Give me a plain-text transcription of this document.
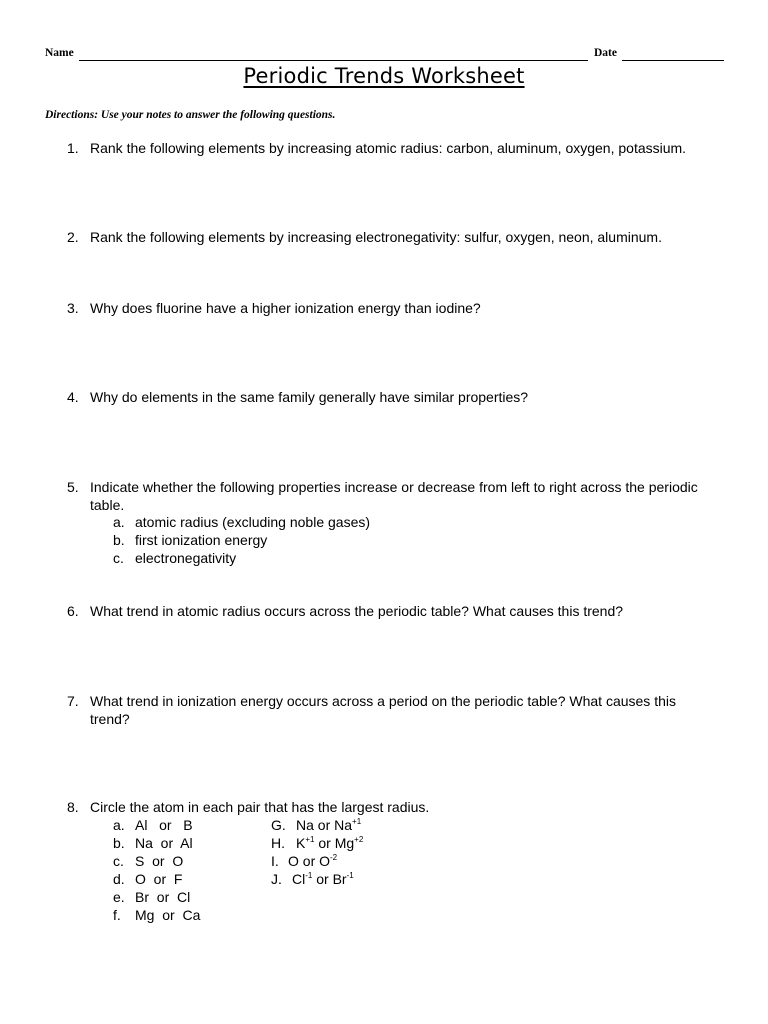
Name	Date
Periodic Trends Worksheet
Directions: Use your notes to answer the following questions.
1. Rank the following elements by increasing atomic radius: carbon, aluminum, oxygen, potassium.
2. Rank the following elements by increasing electronegativity: sulfur, oxygen, neon, aluminum.
3. Why does fluorine have a higher ionization energy than iodine?
4. Why do elements in the same family generally have similar properties?
5. Indicate whether the following properties increase or decrease from left to right across the periodic table.
a. atomic radius (excluding noble gases)
b. first ionization energy
c. electronegativity
6. What trend in atomic radius occurs across the periodic table? What causes this trend?
7. What trend in ionization energy occurs across a period on the periodic table? What causes this trend?
8. Circle the atom in each pair that has the largest radius.
a. Al   or   B
b. Na  or  Al
c. S  or  O
d. O  or  F
e. Br  or  Cl
f. Mg  or  Ca
G. Na or $Na^{+1}$
H. $K^{+1}$ or $Mg^{+2}$
I. O or $O^{-2}$
J. $Cl^{-1}$ or $Br^{-1}$
